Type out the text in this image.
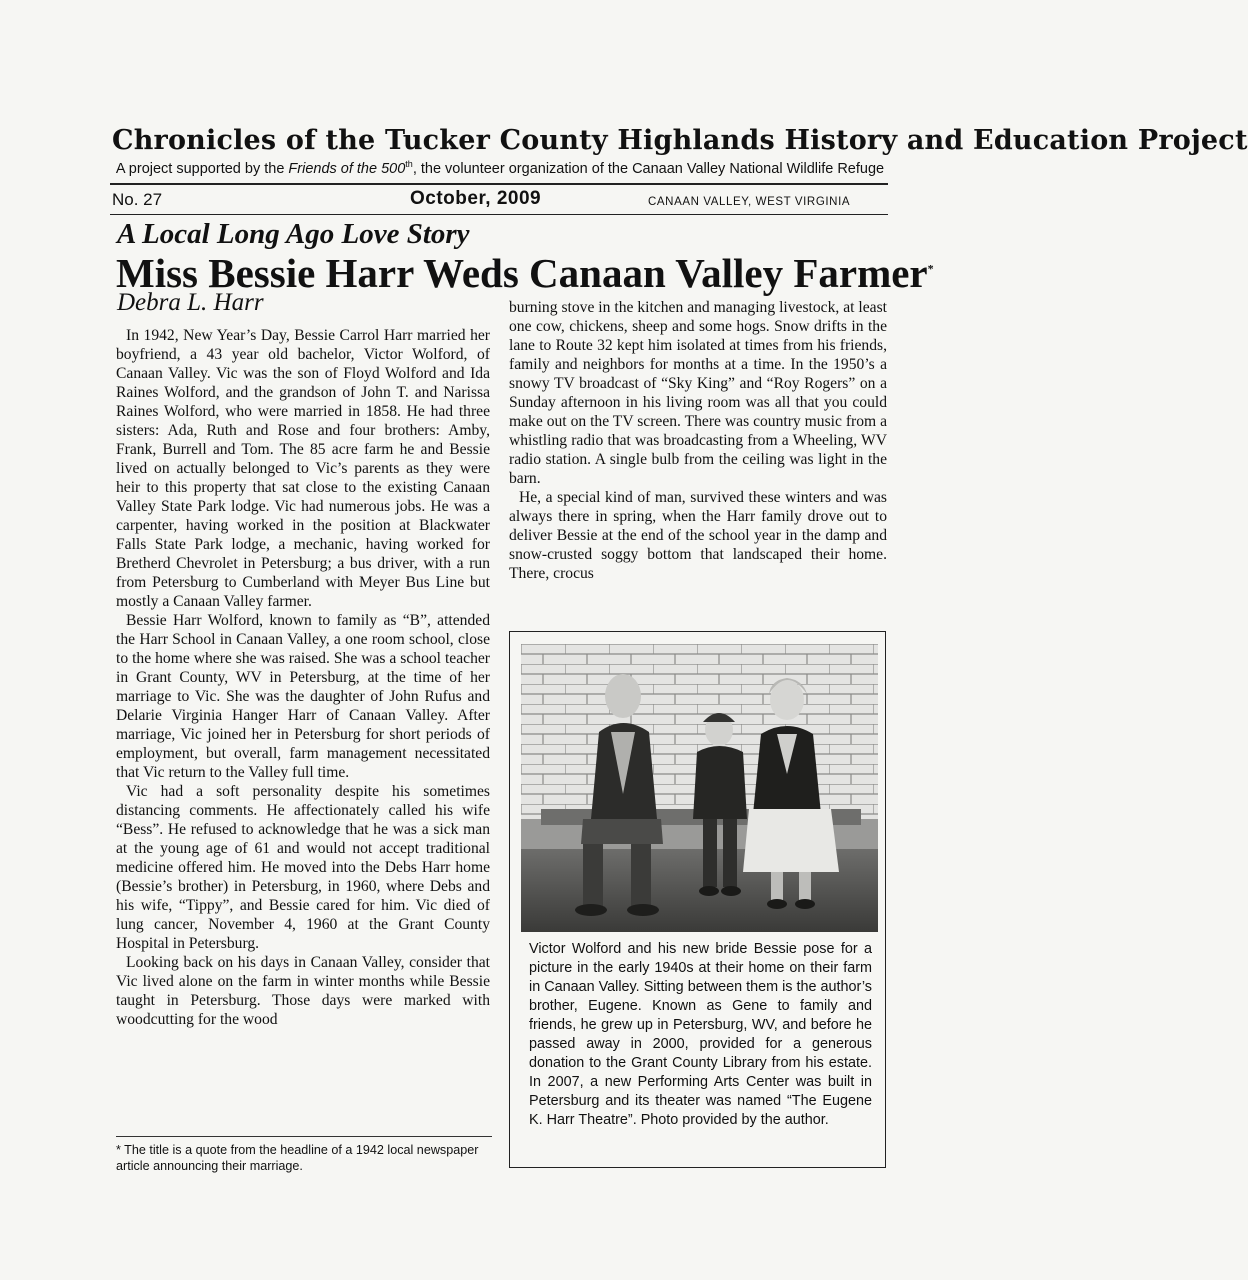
Chronicles of the Tucker County Highlands History and Education Project
A project supported by the Friends of the 500th, the volunteer organization of the Canaan Valley National Wildlife Refuge
No. 27	October, 2009	CANAAN VALLEY, WEST VIRGINIA
A Local Long Ago Love Story
Miss Bessie Harr Weds Canaan Valley Farmer*
Debra L. Harr

In 1942, New Year’s Day, Bessie Carrol Harr married her boyfriend, a 43 year old bachelor, Victor Wolford, of Canaan Valley. Vic was the son of Floyd Wolford and Ida Raines Wolford, and the grandson of John T. and Narissa Raines Wolford, who were married in 1858. He had three sisters: Ada, Ruth and Rose and four brothers: Amby, Frank, Burrell and Tom. The 85 acre farm he and Bessie lived on actually belonged to Vic’s parents as they were heir to this property that sat close to the existing Canaan Valley State Park lodge. Vic had numerous jobs. He was a carpenter, having worked in the position at Blackwater Falls State Park lodge, a mechanic, having worked for Bretherd Chevrolet in Petersburg; a bus driver, with a run from Petersburg to Cumberland with Meyer Bus Line but mostly a Canaan Valley farmer.

Bessie Harr Wolford, known to family as “B”, attended the Harr School in Canaan Valley, a one room school, close to the home where she was raised. She was a school teacher in Grant County, WV in Petersburg, at the time of her marriage to Vic. She was the daughter of John Rufus and Delarie Virginia Hanger Harr of Canaan Valley. After marriage, Vic joined her in Petersburg for short periods of employment, but overall, farm management necessitated that Vic return to the Valley full time.

Vic had a soft personality despite his sometimes distancing comments. He affectionately called his wife “Bess”. He refused to acknowledge that he was a sick man at the young age of 61 and would not accept traditional medicine offered him. He moved into the Debs Harr home (Bessie’s brother) in Petersburg, in 1960, where Debs and his wife, “Tippy”, and Bessie cared for him. Vic died of lung cancer, November 4, 1960 at the Grant County Hospital in Petersburg.

Looking back on his days in Canaan Valley, consider that Vic lived alone on the farm in winter months while Bessie taught in Petersburg. Those days were marked with woodcutting for the wood

* The title is a quote from the headline of a 1942 local newspaper article announcing their marriage.

burning stove in the kitchen and managing livestock, at least one cow, chickens, sheep and some hogs. Snow drifts in the lane to Route 32 kept him isolated at times from his friends, family and neighbors for months at a time. In the 1950’s a snowy TV broadcast of “Sky King” and “Roy Rogers” on a Sunday afternoon in his living room was all that you could make out on the TV screen. There was country music from a whistling radio that was broadcasting from a Wheeling, WV radio station. A single bulb from the ceiling was light in the barn.

He, a special kind of man, survived these winters and was always there in spring, when the Harr family drove out to deliver Bessie at the end of the school year in the damp and snow-crusted soggy bottom that landscaped their home. There, crocus

Victor Wolford and his new bride Bessie pose for a picture in the early 1940s at their home on their farm in Canaan Valley. Sitting between them is the author’s brother, Eugene. Known as Gene to family and friends, he grew up in Petersburg, WV, and before he passed away in 2000, provided for a generous donation to the Grant County Library from his estate. In 2007, a new Performing Arts Center was built in Petersburg and its theater was named “The Eugene K. Harr Theatre”. Photo provided by the author.
